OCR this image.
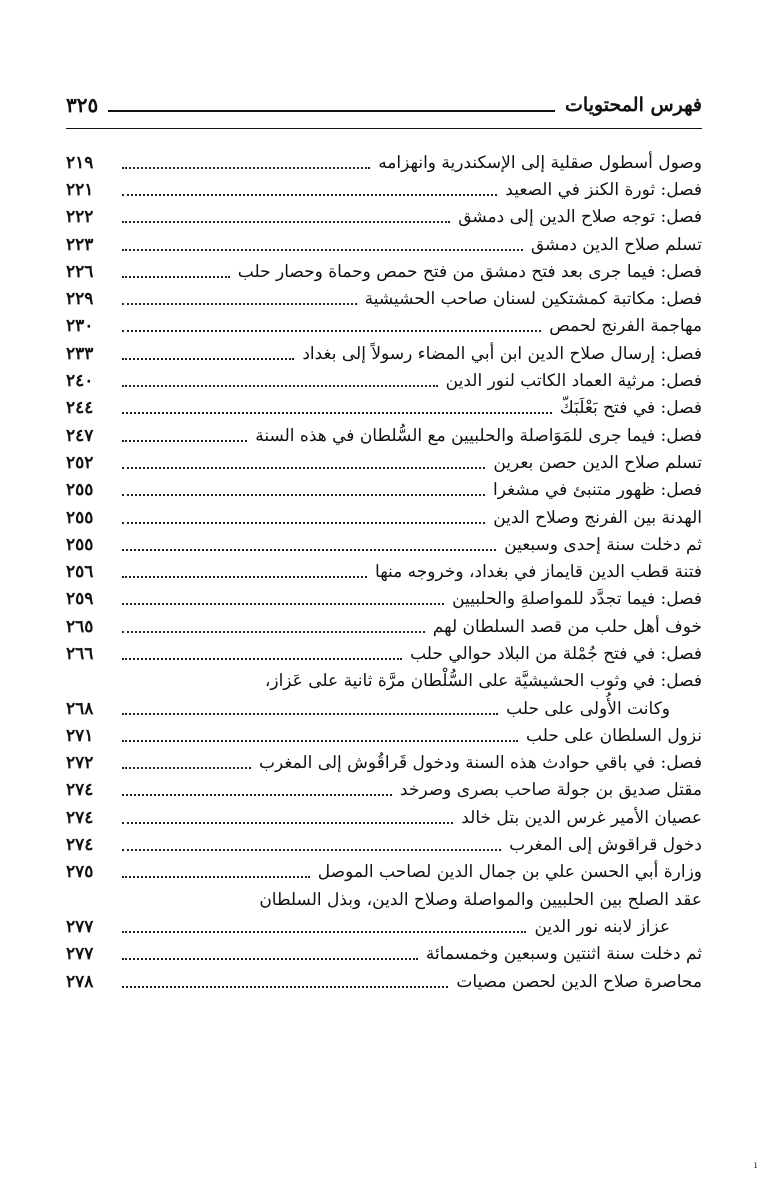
فهرس المحتويات
٣٢٥
وصول أسطول صقلية إلى الإسكندرية وانهزامه
٢١٩
فصل: ثورة الكنز في الصعيد
٢٢١
فصل: توجه صلاح الدين إلى دمشق
٢٢٢
تسلم صلاح الدين دمشق
٢٢٣
فصل: فيما جرى بعد فتح دمشق من فتح حمص وحماة وحصار حلب
٢٢٦
فصل: مكاتبة كمشتكين لسنان صاحب الحشيشية
٢٢٩
مهاجمة الفرنج لحمص
٢٣٠
فصل: إرسال صلاح الدين ابن أبي المضاء رسولاً إلى بغداد
٢٣٣
فصل: مرثية العماد الكاتب لنور الدين
٢٤٠
فصل: في فتح بَعْلَبَكّ
٢٤٤
فصل: فيما جرى للمَوَاصلة والحلبيين مع السُّلطان في هذه السنة
٢٤٧
تسلم صلاح الدين حصن بعرين
٢٥٢
فصل: ظهور متنبئ في مشغرا
٢٥٥
الهدنة بين الفرنج وصلاح الدين
٢٥٥
ثم دخلت سنة إحدى وسبعين
٢٥٥
فتنة قطب الدين قايماز في بغداد، وخروجه منها
٢٥٦
فصل: فيما تجدَّد للمواصلةِ والحلبيين
٢٥٩
خوف أهل حلب من قصد السلطان لهم
٢٦٥
فصل: في فتح جُمْلة من البلاد حوالي حلب
٢٦٦
فصل: في وثوب الحشيشيَّة على السُّلْطان مرَّة ثانية على عَزاز،
وكانت الأُولى على حلب
٢٦٨
نزول السلطان على حلب
٢٧١
فصل: في باقي حوادث هذه السنة ودخول قَراقُوش إلى المغرب
٢٧٢
مقتل صديق بن جولة صاحب بصرى وصرخد
٢٧٤
عصيان الأمير غرس الدين بتل خالد
٢٧٤
دخول قراقوش إلى المغرب
٢٧٤
وزارة أبي الحسن علي بن جمال الدين لصاحب الموصل
٢٧٥
عقد الصلح بين الحلبيين والمواصلة وصلاح الدين، وبذل السلطان
عزاز لابنه نور الدين
٢٧٧
ثم دخلت سنة اثنتين وسبعين وخمسمائة
٢٧٧
محاصرة صلاح الدين لحصن مصيات
٢٧٨
ı
